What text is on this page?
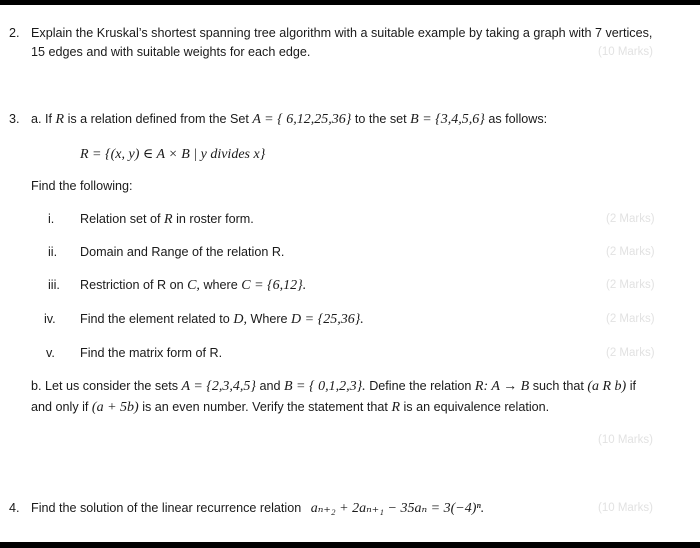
2. Explain the Kruskal’s shortest spanning tree algorithm with a suitable example by taking a graph with 7 vertices,
15 edges and with suitable weights for each edge.	(10 Marks)
3. a. If R is a relation defined from the Set A = { 6,12,25,36} to the set B = {3,4,5,6} as follows:
R = {(x, y) ∈ A × B | y divides x}
Find the following:
i. Relation set of R in roster form.	(2 Marks)
ii. Domain and Range of the relation R.	(2 Marks)
iii. Restriction of R on C, where C = {6,12}.	(2 Marks)
iv. Find the element related to D, Where D = {25,36}.	(2 Marks)
v. Find the matrix form of R.	(2 Marks)
b. Let us consider the sets A = {2,3,4,5} and B = { 0,1,2,3}. Define the relation R: A → B such that (a R b) if
and only if (a + 5b) is an even number. Verify the statement that R is an equivalence relation.
(10 Marks)
4. Find the solution of the linear recurrence relation aₙ₊₂ + 2aₙ₊₁ − 35aₙ = 3(−4)ⁿ.	(10 Marks)
